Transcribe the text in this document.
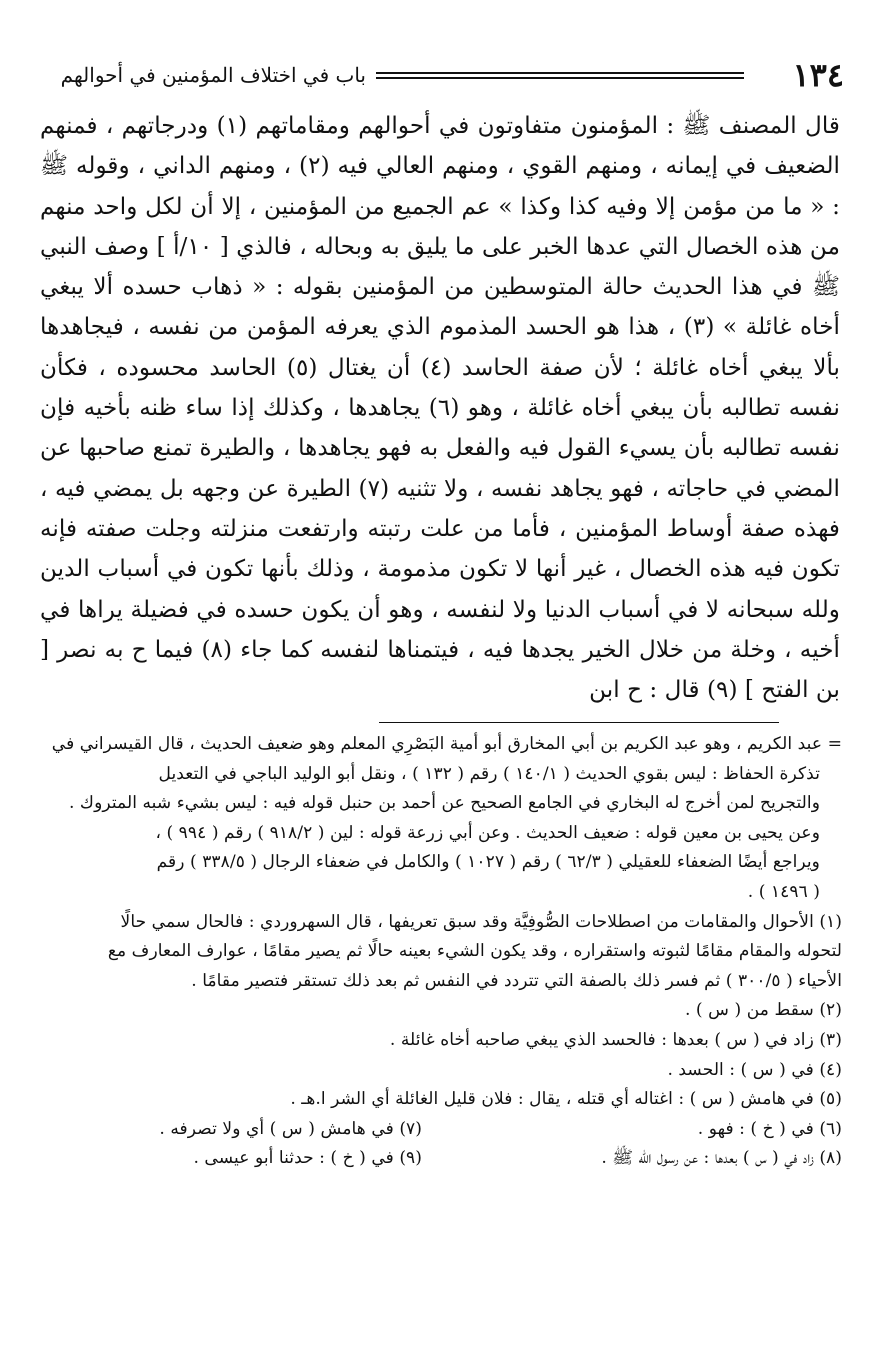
١٣٤
باب في اختلاف المؤمنين في أحوالهم

قال المصنف ﷺ : المؤمنون متفاوتون في أحوالهم ومقاماتهم (١) ودرجاتهم ، فمنهم الضعيف في إيمانه ، ومنهم القوي ، ومنهم العالي فيه (٢) ، ومنهم الداني ، وقوله ﷺ : « ما من مؤمن إلا وفيه كذا وكذا » عم الجميع من المؤمنين ، إلا أن لكل واحد منهم من هذه الخصال التي عدها الخبر على ما يليق به وبحاله ، فالذي [ ١٠/أ ] وصف النبي ﷺ في هذا الحديث حالة المتوسطين من المؤمنين بقوله : « ذهاب حسده ألا يبغي أخاه غائلة » (٣) ، هذا هو الحسد المذموم الذي يعرفه المؤمن من نفسه ، فيجاهدها بألا يبغي أخاه غائلة ؛ لأن صفة الحاسد (٤) أن يغتال (٥) الحاسد محسوده ، فكأن نفسه تطالبه بأن يبغي أخاه غائلة ، وهو (٦) يجاهدها ، وكذلك إذا ساء ظنه بأخيه فإن نفسه تطالبه بأن يسيء القول فيه والفعل به فهو يجاهدها ، والطيرة تمنع صاحبها عن المضي في حاجاته ، فهو يجاهد نفسه ، ولا تثنيه (٧) الطيرة عن وجهه بل يمضي فيه ، فهذه صفة أوساط المؤمنين ، فأما من علت رتبته وارتفعت منزلته وجلت صفته فإنه تكون فيه هذه الخصال ، غير أنها لا تكون مذمومة ، وذلك بأنها تكون في أسباب الدين ولله سبحانه لا في أسباب الدنيا ولا لنفسه ، وهو أن يكون حسده في فضيلة يراها في أخيه ، وخلة من خلال الخير يجدها فيه ، فيتمناها لنفسه كما جاء (٨) فيما ح به نصر [ بن الفتح ] (٩) قال : ح ابن

= عبد الكريم ، وهو عبد الكريم بن أبي المخارق أبو أمية البَصْرِي المعلم وهو ضعيف الحديث ، قال القيسراني في
تذكرة الحفاظ : ليس بقوي الحديث ( ١٤٠/١ ) رقم ( ١٣٢ ) ، ونقل أبو الوليد الباجي في التعديل
والتجريح لمن أخرج له البخاري في الجامع الصحيح عن أحمد بن حنبل قوله فيه : ليس بشيء شبه المتروك .
وعن يحيى بن معين قوله : ضعيف الحديث . وعن أبي زرعة قوله : لين ( ٩١٨/٢ ) رقم ( ٩٩٤ ) ،
ويراجع أيضًا الضعفاء للعقيلي ( ٦٢/٣ ) رقم ( ١٠٢٧ ) والكامل في ضعفاء الرجال ( ٣٣٨/٥ ) رقم
( ١٤٩٦ ) .
(١) الأحوال والمقامات من اصطلاحات الصُّوفِيَّة وقد سبق تعريفها ، قال السهروردي : فالحال سمي حالًا
لتحوله والمقام مقامًا لثبوته واستقراره ، وقد يكون الشيء بعينه حالًا ثم يصير مقامًا ، عوارف المعارف مع
الأحياء ( ٣٠٠/٥ ) ثم فسر ذلك بالصفة التي تتردد في النفس ثم بعد ذلك تستقر فتصير مقامًا .
(٢) سقط من ( س ) .
(٣) زاد في ( س ) بعدها : فالحسد الذي يبغي صاحبه أخاه غائلة .
(٤) في ( س ) : الحسد .
(٥) في هامش ( س ) : اغتاله أي قتله ، يقال : فلان قليل الغائلة أي الشر ا.هـ .
(٦) في ( خ ) : فهو .
(٧) في هامش ( س ) أي ولا تصرفه .
(٨) زاد في ( س ) بعدها : عن رسول الله ﷺ .
(٩) في ( خ ) : حدثنا أبو عيسى .
